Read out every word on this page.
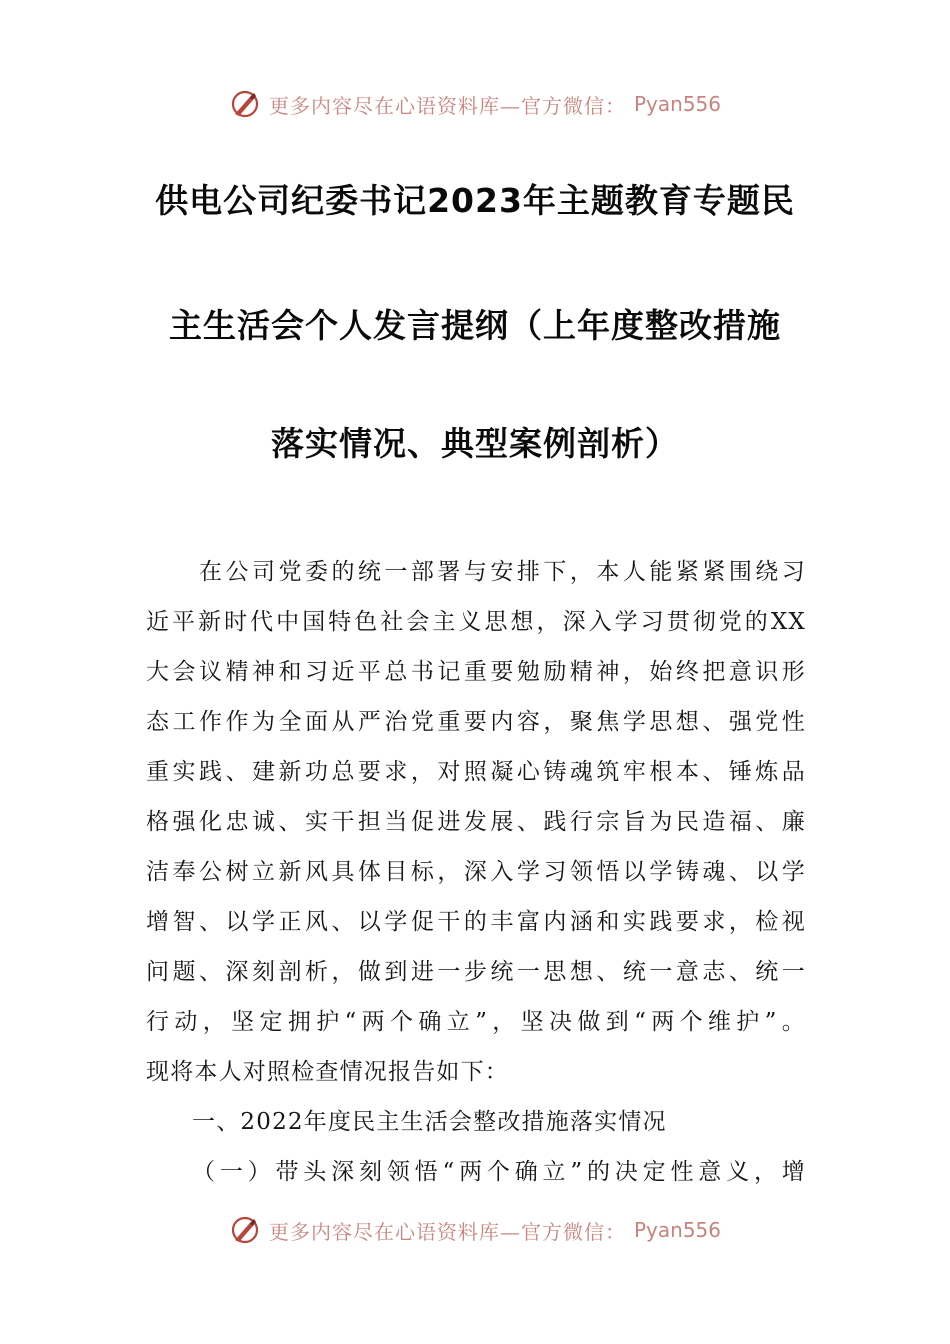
更多内容尽在心语资料库—官方微信： Pyan556
供电公司纪委书记2023年主题教育专题民
主生活会个人发言提纲（上年度整改措施
落实情况、典型案例剖析）
　　在公司党委的统一部署与安排下，本人能紧紧围绕习
近平新时代中国特色社会主义思想，深入学习贯彻党的XX
大会议精神和习近平总书记重要勉励精神，始终把意识形
态工作作为全面从严治党重要内容，聚焦学思想、强党性
重实践、建新功总要求，对照凝心铸魂筑牢根本、锤炼品
格强化忠诚、实干担当促进发展、践行宗旨为民造福、廉
洁奉公树立新风具体目标，深入学习领悟以学铸魂、以学
增智、以学正风、以学促干的丰富内涵和实践要求，检视
问题、深刻剖析，做到进一步统一思想、统一意志、统一
行动，坚定拥护“两个确立”，坚决做到“两个维护”。
现将本人对照检查情况报告如下：
一、2022年度民主生活会整改措施落实情况
（一）带头深刻领悟“两个确立”的决定性意义，增
更多内容尽在心语资料库—官方微信： Pyan556
